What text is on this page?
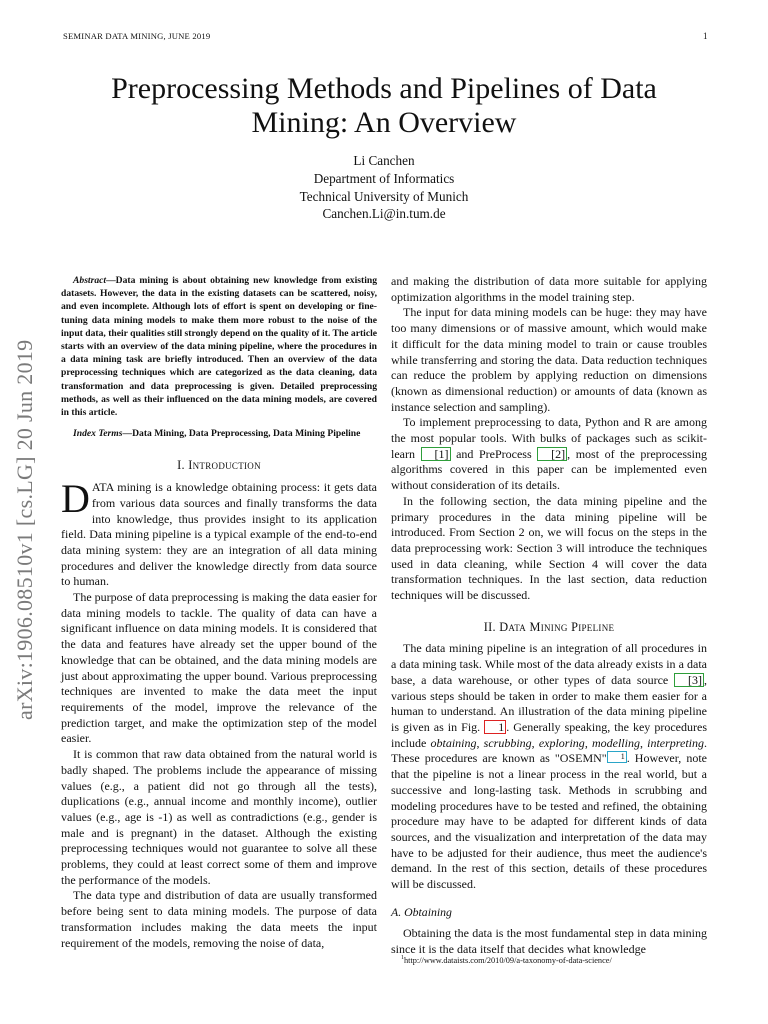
SEMINAR DATA MINING, JUNE 2019	1
arXiv:1906.08510v1 [cs.LG] 20 Jun 2019
Preprocessing Methods and Pipelines of Data Mining: An Overview
Li Canchen
Department of Informatics
Technical University of Munich
Canchen.Li@in.tum.de

Abstract—Data mining is about obtaining new knowledge from existing datasets. However, the data in the existing datasets can be scattered, noisy, and even incomplete. Although lots of effort is spent on developing or fine-tuning data mining models to make them more robust to the noise of the input data, their qualities still strongly depend on the quality of it. The article starts with an overview of the data mining pipeline, where the procedures in a data mining task are briefly introduced. Then an overview of the data preprocessing techniques which are categorized as the data cleaning, data transformation and data preprocessing is given. Detailed preprocessing methods, as well as their influenced on the data mining models, are covered in this article.

Index Terms—Data Mining, Data Preprocessing, Data Mining Pipeline

I. Introduction

DATA mining is a knowledge obtaining process: it gets data from various data sources and finally transforms the data into knowledge, thus provides insight to its application field. Data mining pipeline is a typical example of the end-to-end data mining system: they are an integration of all data mining procedures and deliver the knowledge directly from data source to human.

The purpose of data preprocessing is making the data easier for data mining models to tackle. The quality of data can have a significant influence on data mining models. It is considered that the data and features have already set the upper bound of the knowledge that can be obtained, and the data mining models are just about approximating the upper bound. Various preprocessing techniques are invented to make the data meet the input requirements of the model, improve the relevance of the prediction target, and make the optimization step of the model easier.

It is common that raw data obtained from the natural world is badly shaped. The problems include the appearance of missing values (e.g., a patient did not go through all the tests), duplications (e.g., annual income and monthly income), outlier values (e.g., age is -1) as well as contradictions (e.g., gender is male and is pregnant) in the dataset. Although the existing preprocessing techniques would not guarantee to solve all these problems, they could at least correct some of them and improve the performance of the models.

The data type and distribution of data are usually transformed before being sent to data mining models. The purpose of data transformation includes making the data meets the input requirement of the models, removing the noise of data,

and making the distribution of data more suitable for applying optimization algorithms in the model training step.

The input for data mining models can be huge: they may have too many dimensions or of massive amount, which would make it difficult for the data mining model to train or cause troubles while transferring and storing the data. Data reduction techniques can reduce the problem by applying reduction on dimensions (known as dimensional reduction) or amounts of data (known as instance selection and sampling).

To implement preprocessing to data, Python and R are among the most popular tools. With bulks of packages such as scikit-learn [1] and PreProcess [2] , most of the preprocessing algorithms covered in this paper can be implemented even without consideration of its details.

In the following section, the data mining pipeline and the primary procedures in the data mining pipeline will be introduced. From Section 2 on, we will focus on the steps in the data preprocessing work: Section 3 will introduce the techniques used in data cleaning, while Section 4 will cover the data transformation techniques. In the last section, data reduction techniques will be discussed.

II. Data Mining Pipeline

The data mining pipeline is an integration of all procedures in a data mining task. While most of the data already exists in a data base, a data warehouse, or other types of data source [3] , various steps should be taken in order to make them easier for a human to understand. An illustration of the data mining pipeline is given as in Fig. 1 . Generally speaking, the key procedures include obtaining, scrubbing, exploring, modelling, interpreting. These procedures are known as "OSEMN" 1 . However, note that the pipeline is not a linear process in the real world, but a successive and long-lasting task. Methods in scrubbing and modeling procedures have to be tested and refined, the obtaining procedure may have to be adapted for different kinds of data sources, and the visualization and interpretation of the data may have to be adjusted for their audience, thus meet the audience's demand. In the rest of this section, details of these procedures will be discussed.

A. Obtaining

Obtaining the data is the most fundamental step in data mining since it is the data itself that decides what knowledge

$^1$http://www.dataists.com/2010/09/a-taxonomy-of-data-science/
